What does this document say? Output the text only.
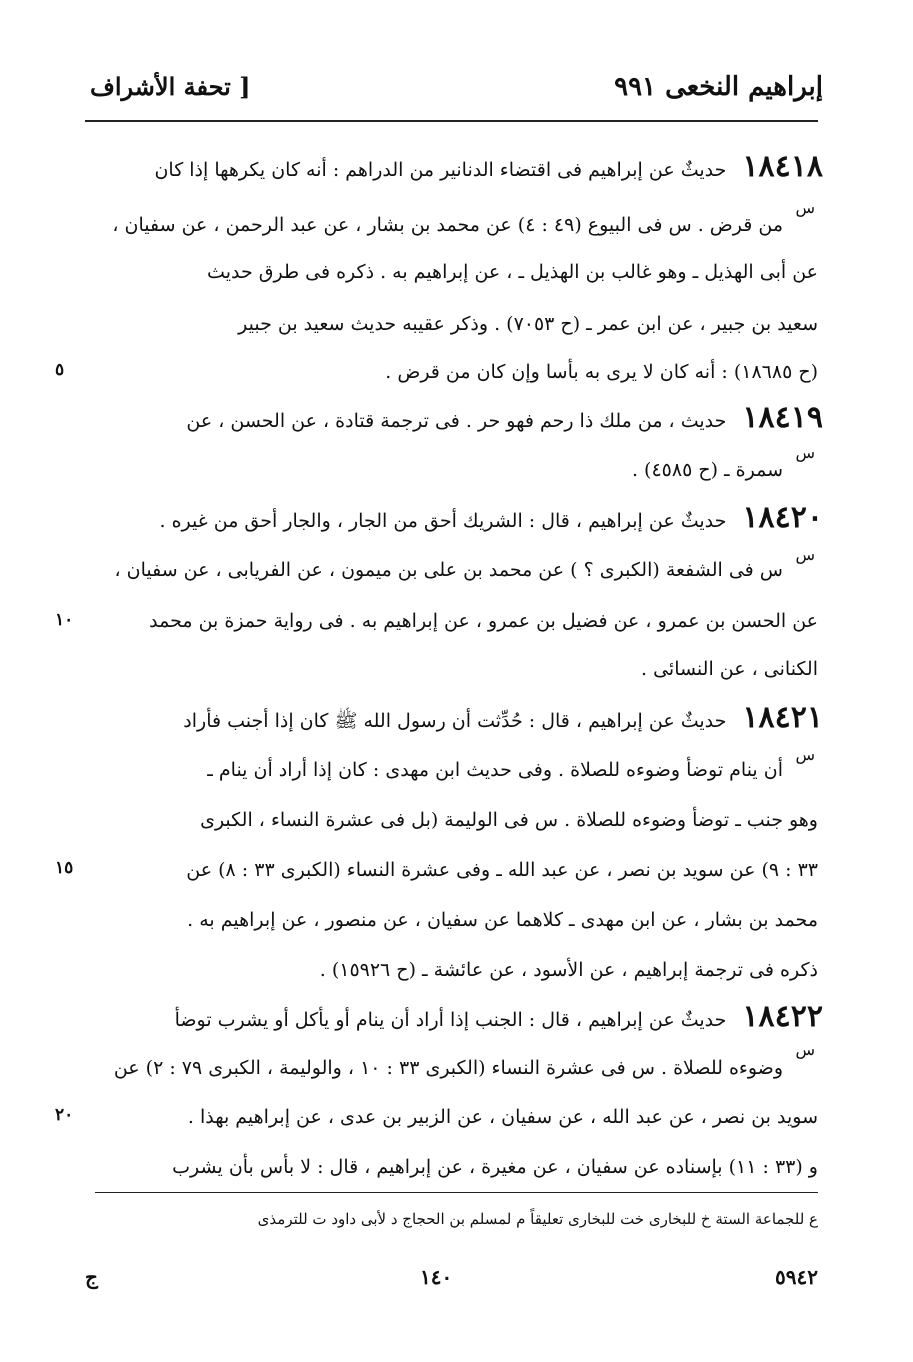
إبراهيم النخعى ٩٩١
[ تحفة الأشراف
١٨٤١٨ حديثٌ عن إبراهيم فى اقتضاء الدنانير من الدراهم : أنه كان يكرهها إذا كان
س
من قرض . س فى البيوع (٤٩ : ٤) عن محمد بن بشار ، عن عبد الرحمن ، عن سفيان ،
عن أبى الهذيل ـ وهو غالب بن الهذيل ـ ، عن إبراهيم به . ذكره فى طرق حديث
سعيد بن جبير ، عن ابن عمر ـ (ح ٧٠٥٣) . وذكر عقيبه حديث سعيد بن جبير
(ح ١٨٦٨٥) : أنه كان لا يرى به بأسا وإن كان من قرض .
٥
١٨٤١٩ حديث ، من ملك ذا رحم فهو حر . فى ترجمة قتادة ، عن الحسن ، عن
س
سمرة ـ (ح ٤٥٨٥) .
١٨٤٢٠ حديثٌ عن إبراهيم ، قال : الشريك أحق من الجار ، والجار أحق من غيره .
س
س فى الشفعة (الكبرى ؟ ) عن محمد بن على بن ميمون ، عن الفريابى ، عن سفيان ،
عن الحسن بن عمرو ، عن فضيل بن عمرو ، عن إبراهيم به . فى رواية حمزة بن محمد
١٠
الكنانى ، عن النسائى .
١٨٤٢١ حديثٌ عن إبراهيم ، قال : حُدِّثت أن رسول الله ﷺ كان إذا أجنب فأراد
س
أن ينام توضأ وضوءه للصلاة . وفى حديث ابن مهدى : كان إذا أراد أن ينام ـ
وهو جنب ـ توضأ وضوءه للصلاة . س فى الوليمة (بل فى عشرة النساء ، الكبرى
٣٣ : ٩) عن سويد بن نصر ، عن عبد الله ـ وفى عشرة النساء (الكبرى ٣٣ : ٨) عن
١٥
محمد بن بشار ، عن ابن مهدى ـ كلاهما عن سفيان ، عن منصور ، عن إبراهيم به .
ذكره فى ترجمة إبراهيم ، عن الأسود ، عن عائشة ـ (ح ١٥٩٢٦) .
١٨٤٢٢ حديثٌ عن إبراهيم ، قال : الجنب إذا أراد أن ينام أو يأكل أو يشرب توضأ
س
وضوءه للصلاة . س فى عشرة النساء (الكبرى ٣٣ : ١٠ ، والوليمة ، الكبرى ٧٩ : ٢) عن
سويد بن نصر ، عن عبد الله ، عن سفيان ، عن الزبير بن عدى ، عن إبراهيم بهذا .
٢٠
و (٣٣ : ١١) بإسناده عن سفيان ، عن مغيرة ، عن إبراهيم ، قال : لا بأس بأن يشرب
ع للجماعة الستة خ للبخارى خت للبخارى تعليقاً م لمسلم بن الحجاج د لأبى داود ت للترمذى
٥٩٤٢
١٤٠
ج
